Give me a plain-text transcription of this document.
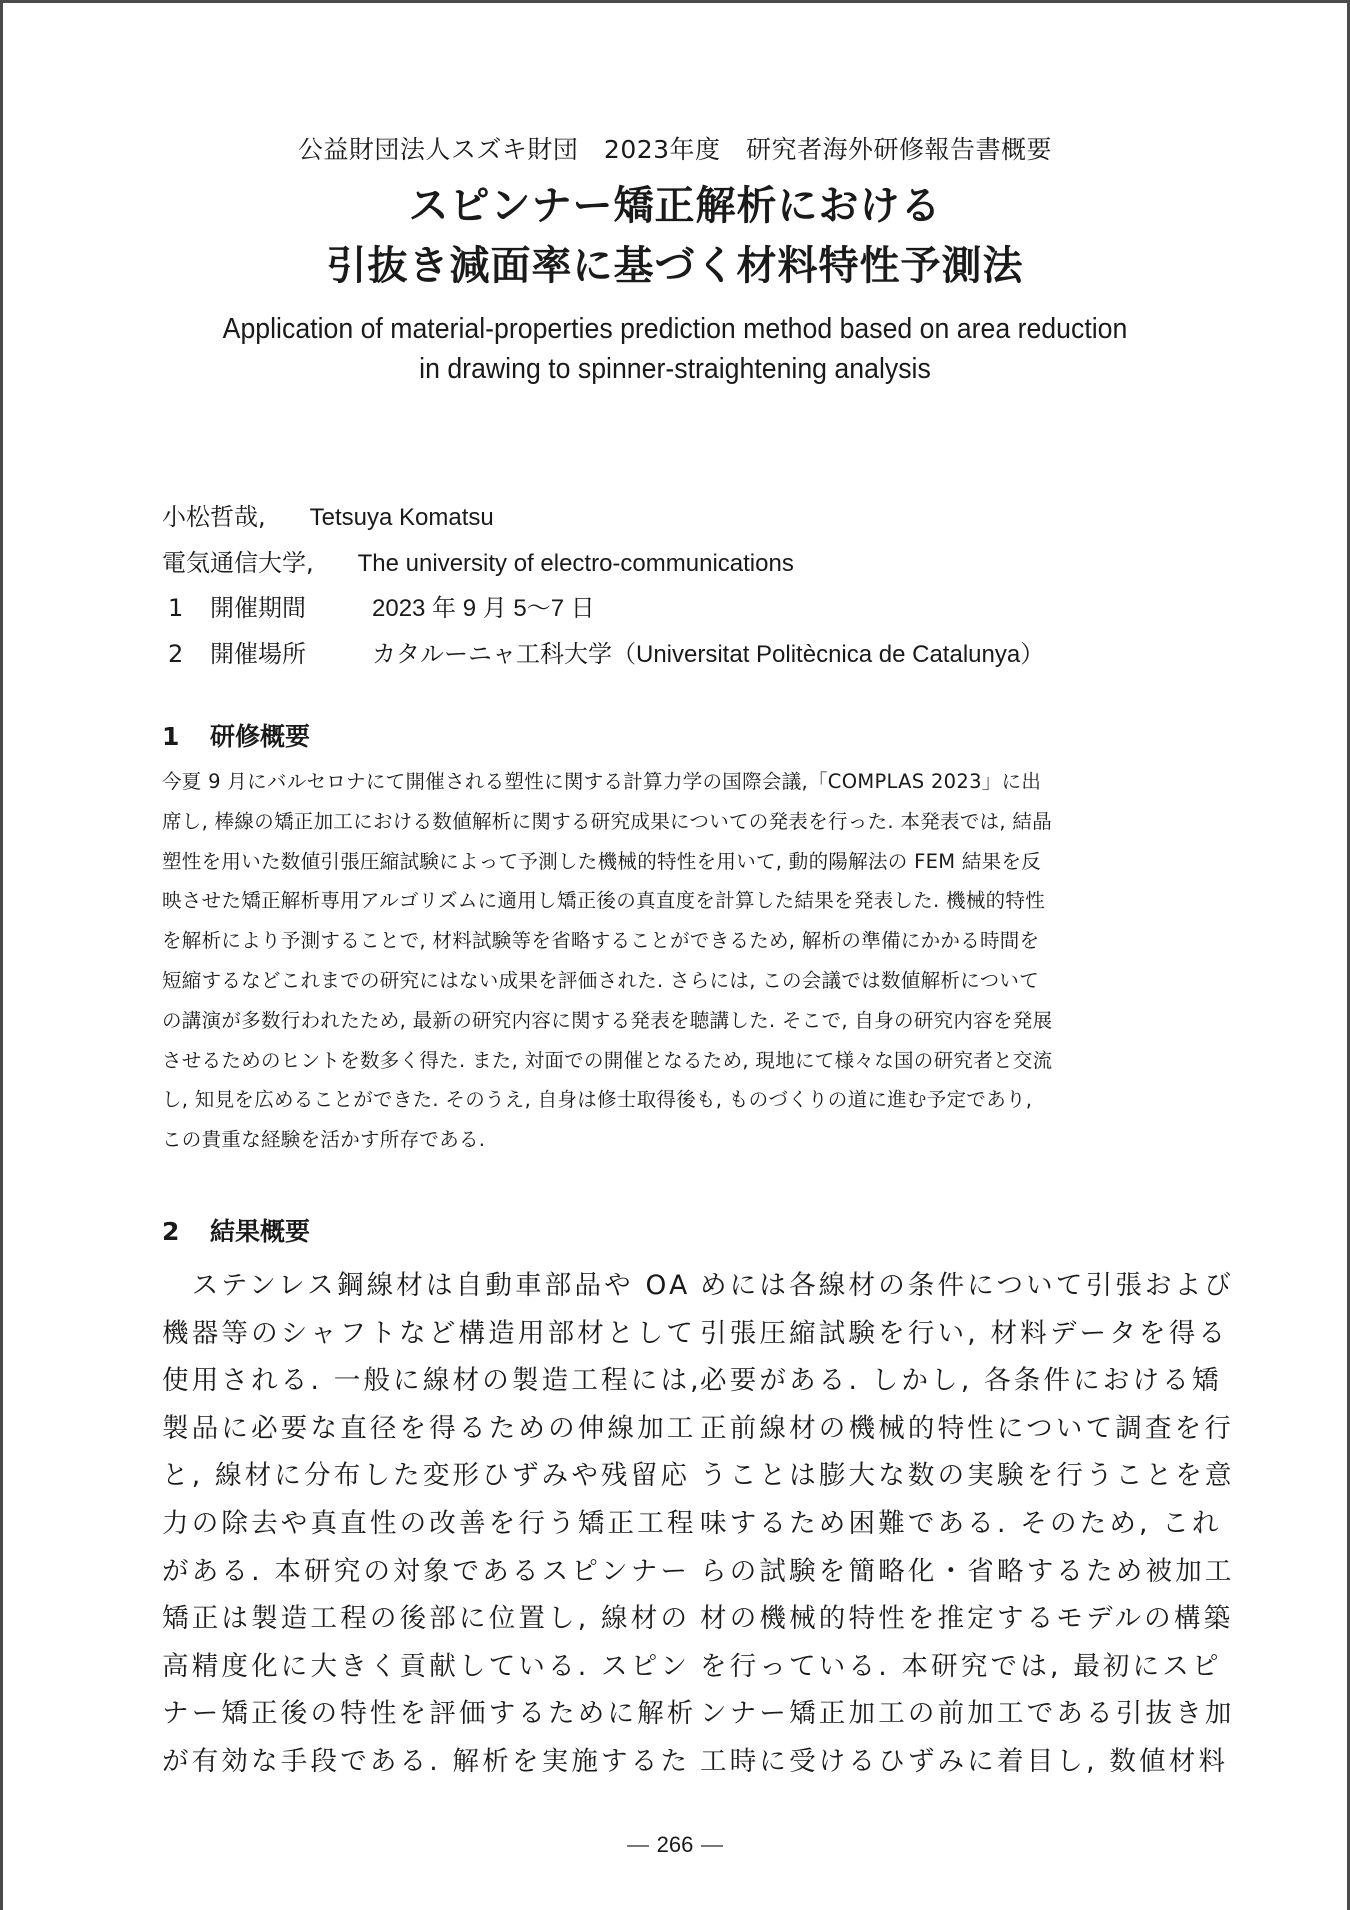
公益財団法人スズキ財団　2023年度　研究者海外研修報告書概要
スピンナー矯正解析における
引抜き減面率に基づく材料特性予測法
Application of material-properties prediction method based on area reduction
in drawing to spinner-straightening analysis
小松哲哉, Tetsuya Komatsu
電気通信大学, The university of electro-communications
1 開催期間	2023 年 9 月 5～7 日
2 開催場所	カタルーニャ工科大学（Universitat Politècnica de Catalunya）
1 研修概要
今夏 9 月にバルセロナにて開催される塑性に関する計算力学の国際会議,「COMPLAS 2023」に出
席し, 棒線の矯正加工における数値解析に関する研究成果についての発表を行った. 本発表では, 結晶
塑性を用いた数値引張圧縮試験によって予測した機械的特性を用いて, 動的陽解法の FEM 結果を反
映させた矯正解析専用アルゴリズムに適用し矯正後の真直度を計算した結果を発表した. 機械的特性
を解析により予測することで, 材料試験等を省略することができるため, 解析の準備にかかる時間を
短縮するなどこれまでの研究にはない成果を評価された. さらには, この会議では数値解析について
の講演が多数行われたため, 最新の研究内容に関する発表を聴講した. そこで, 自身の研究内容を発展
させるためのヒントを数多く得た. また, 対面での開催となるため, 現地にて様々な国の研究者と交流
し, 知見を広めることができた. そのうえ, 自身は修士取得後も, ものづくりの道に進む予定であり,
この貴重な経験を活かす所存である.
2 結果概要
　ステンレス鋼線材は自動車部品や OA
機器等のシャフトなど構造用部材として
使用される. 一般に線材の製造工程には,
製品に必要な直径を得るための伸線加工
と, 線材に分布した変形ひずみや残留応
力の除去や真直性の改善を行う矯正工程
がある. 本研究の対象であるスピンナー
矯正は製造工程の後部に位置し, 線材の
高精度化に大きく貢献している. スピン
ナー矯正後の特性を評価するために解析
が有効な手段である. 解析を実施するた
めには各線材の条件について引張および
引張圧縮試験を行い, 材料データを得る
必要がある. しかし, 各条件における矯
正前線材の機械的特性について調査を行
うことは膨大な数の実験を行うことを意
味するため困難である. そのため, これ
らの試験を簡略化・省略するため被加工
材の機械的特性を推定するモデルの構築
を行っている. 本研究では, 最初にスピ
ンナー矯正加工の前加工である引抜き加
工時に受けるひずみに着目し, 数値材料
266
